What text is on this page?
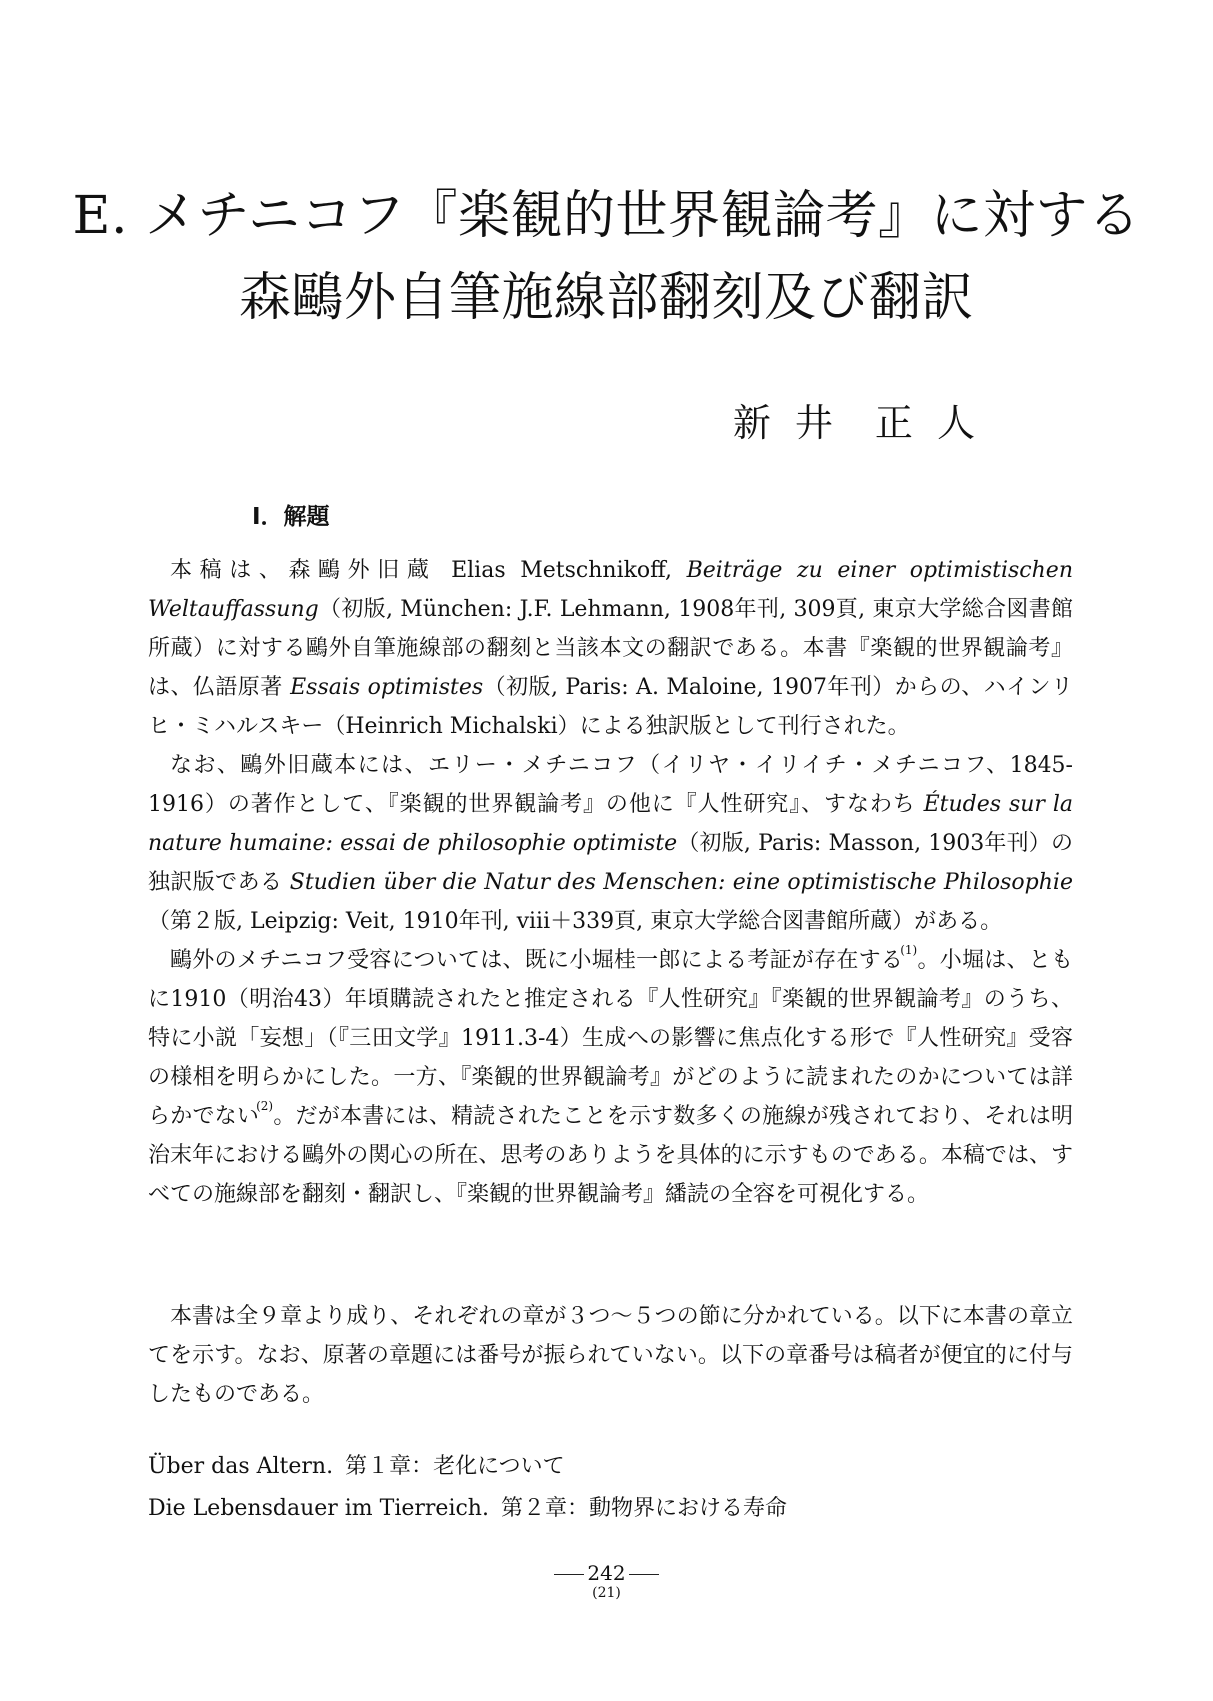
E. メチニコフ『楽観的世界観論考』に対する
森鷗外自筆施線部翻刻及び翻訳
新 井 正 人
I．解題

本稿は、森鷗外旧蔵 Elias Metschnikoff, Beiträge zu einer optimistischen Weltauffassung（初版, München: J.F. Lehmann, 1908年刊, 309頁, 東京大学総合図書館所蔵）に対する鷗外自筆施線部の翻刻と当該本文の翻訳である。本書『楽観的世界観論考』は、仏語原著 Essais optimistes（初版, Paris: A. Maloine, 1907年刊）からの、ハインリヒ・ミハルスキー（Heinrich Michalski）による独訳版として刊行された。

なお、鷗外旧蔵本には、エリー・メチニコフ（イリヤ・イリイチ・メチニコフ、1845-1916）の著作として、『楽観的世界観論考』の他に『人性研究』、すなわち Études sur la nature humaine: essai de philosophie optimiste（初版, Paris: Masson, 1903年刊）の独訳版である Studien über die Natur des Menschen: eine optimistische Philosophie（第２版, Leipzig: Veit, 1910年刊, viii＋339頁, 東京大学総合図書館所蔵）がある。

鷗外のメチニコフ受容については、既に小堀桂一郎による考証が存在する$^{(1)}$。小堀は、ともに1910（明治43）年頃購読されたと推定される『人性研究』『楽観的世界観論考』のうち、特に小説「妄想」（『三田文学』1911.3-4）生成への影響に焦点化する形で『人性研究』受容の様相を明らかにした。一方、『楽観的世界観論考』がどのように読まれたのかについては詳らかでない$^{(2)}$。だが本書には、精読されたことを示す数多くの施線が残されており、それは明治末年における鷗外の関心の所在、思考のありようを具体的に示すものである。本稿では、すべての施線部を翻刻・翻訳し、『楽観的世界観論考』繙読の全容を可視化する。

本書は全９章より成り、それぞれの章が３つ〜５つの節に分かれている。以下に本書の章立てを示す。なお、原著の章題には番号が振られていない。以下の章番号は稿者が便宜的に付与したものである。

Über das Altern. 第１章：老化について
Die Lebensdauer im Tierreich. 第２章：動物界における寿命
242
(21)
